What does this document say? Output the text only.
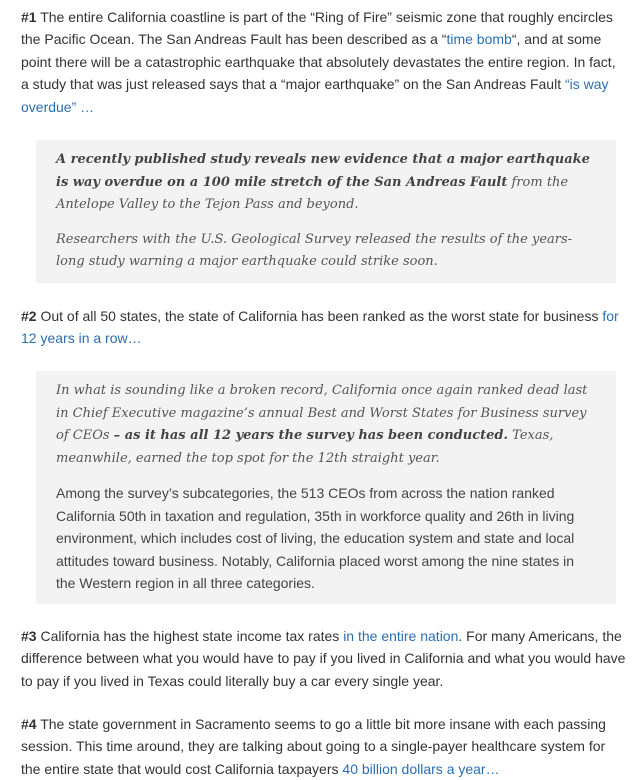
#1 The entire California coastline is part of the “Ring of Fire” seismic zone that roughly encircles the Pacific Ocean. The San Andreas Fault has been described as a “time bomb“, and at some point there will be a catastrophic earthquake that absolutely devastates the entire region. In fact, a study that was just released says that a “major earthquake” on the San Andreas Fault “is way overdue” …

A recently published study reveals new evidence that a major earthquake is way overdue on a 100 mile stretch of the San Andreas Fault from the Antelope Valley to the Tejon Pass and beyond.

Researchers with the U.S. Geological Survey released the results of the years-long study warning a major earthquake could strike soon.

#2 Out of all 50 states, the state of California has been ranked as the worst state for business for 12 years in a row…

In what is sounding like a broken record, California once again ranked dead last in Chief Executive magazine’s annual Best and Worst States for Business survey of CEOs – as it has all 12 years the survey has been conducted. Texas, meanwhile, earned the top spot for the 12th straight year.

Among the survey’s subcategories, the 513 CEOs from across the nation ranked California 50th in taxation and regulation, 35th in workforce quality and 26th in living environment, which includes cost of living, the education system and state and local attitudes toward business. Notably, California placed worst among the nine states in the Western region in all three categories.

#3 California has the highest state income tax rates in the entire nation. For many Americans, the difference between what you would have to pay if you lived in California and what you would have to pay if you lived in Texas could literally buy a car every single year.

#4 The state government in Sacramento seems to go a little bit more insane with each passing session. This time around, they are talking about going to a single-payer healthcare system for the entire state that would cost California taxpayers 40 billion dollars a year…
